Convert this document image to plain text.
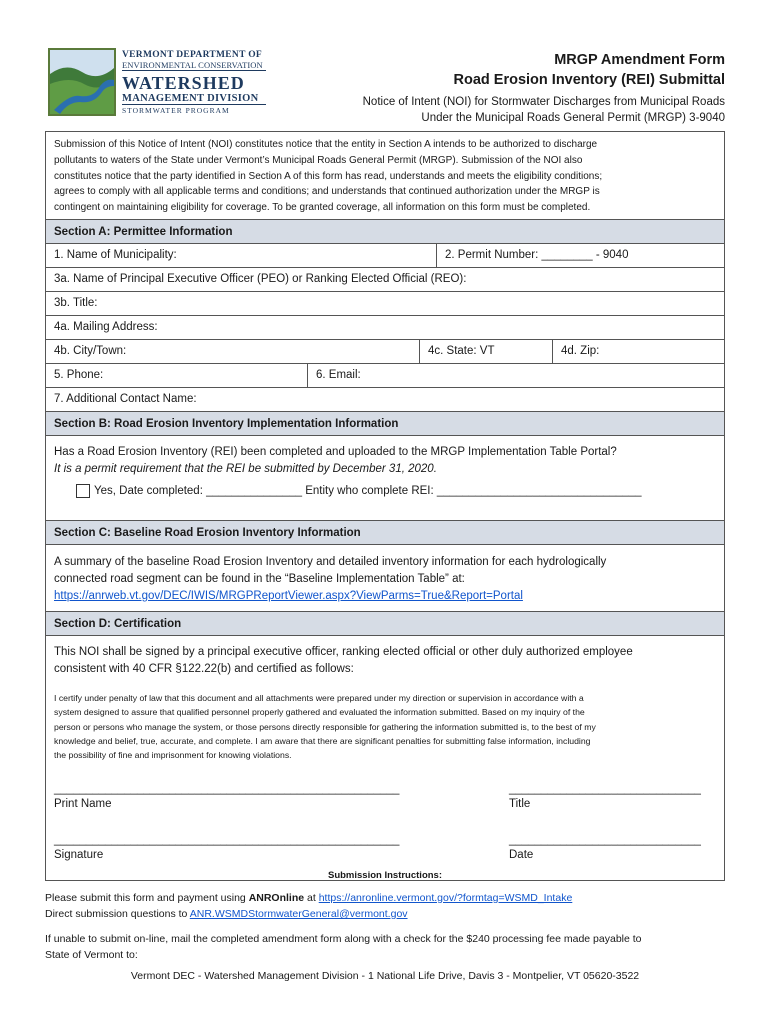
VERMONT DEPARTMENT OF
ENVIRONMENTAL CONSERVATION
WATERSHED
MANAGEMENT DIVISION
STORMWATER PROGRAM
MRGP Amendment Form
Road Erosion Inventory (REI) Submittal
Notice of Intent (NOI) for Stormwater Discharges from Municipal Roads
Under the Municipal Roads General Permit (MRGP) 3-9040
Submission of this Notice of Intent (NOI) constitutes notice that the entity in Section A intends to be authorized to discharge
pollutants to waters of the State under Vermont’s Municipal Roads General Permit (MRGP). Submission of the NOI also
constitutes notice that the party identified in Section A of this form has read, understands and meets the eligibility conditions;
agrees to comply with all applicable terms and conditions; and understands that continued authorization under the MRGP is
contingent on maintaining eligibility for coverage. To be granted coverage, all information on this form must be completed.
Section A: Permittee Information
1. Name of Municipality:	2. Permit Number: ________ - 9040
3a. Name of Principal Executive Officer (PEO) or Ranking Elected Official (REO):
3b. Title:
4a. Mailing Address:
4b. City/Town:	4c. State: VT	4d. Zip:
5. Phone:	6. Email:
7. Additional Contact Name:
Section B: Road Erosion Inventory Implementation Information
Has a Road Erosion Inventory (REI) been completed and uploaded to the MRGP Implementation Table Portal?
It is a permit requirement that the REI be submitted by December 31, 2020.
Yes, Date completed: _______________ Entity who complete REI: ________________________________
Section C: Baseline Road Erosion Inventory Information
A summary of the baseline Road Erosion Inventory and detailed inventory information for each hydrologically
connected road segment can be found in the “Baseline Implementation Table” at:
https://anrweb.vt.gov/DEC/IWIS/MRGPReportViewer.aspx?ViewParms=True&Report=Portal
Section D: Certification
This NOI shall be signed by a principal executive officer, ranking elected official or other duly authorized employee
consistent with 40 CFR §122.22(b) and certified as follows:
I certify under penalty of law that this document and all attachments were prepared under my direction or supervision in accordance with a
system designed to assure that qualified personnel properly gathered and evaluated the information submitted. Based on my inquiry of the
person or persons who manage the system, or those persons directly responsible for gathering the information submitted is, to the best of my
knowledge and belief, true, accurate, and complete. I am aware that there are significant penalties for submitting false information, including
the possibility of fine and imprisonment for knowing violations.
______________________________________________________
Print Name
______________________________
Title
______________________________________________________
Signature
______________________________
Date
Submission Instructions:
Please submit this form and payment using ANROnline at https://anronline.vermont.gov/?formtag=WSMD_Intake
Direct submission questions to ANR.WSMDStormwaterGeneral@vermont.gov
If unable to submit on-line, mail the completed amendment form along with a check for the $240 processing fee made payable to
State of Vermont to:
Vermont DEC - Watershed Management Division - 1 National Life Drive, Davis 3 - Montpelier, VT 05620-3522
